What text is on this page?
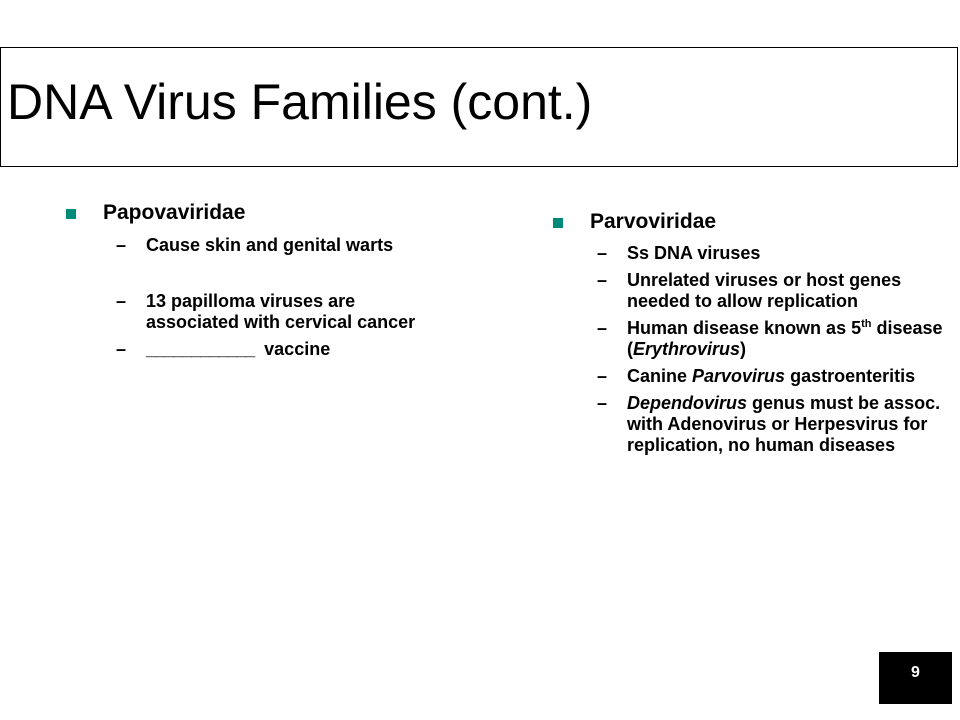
DNA Virus Families (cont.)
Papovaviridae
–	Cause skin and genital warts
–	13 papilloma viruses are associated with cervical cancer
–	____________ vaccine
Parvoviridae
–	Ss DNA viruses
–	Unrelated viruses or host genes needed to allow replication
–	Human disease known as 5th disease (Erythrovirus)
–	Canine Parvovirus gastroenteritis
–	Dependovirus genus must be assoc. with Adenovirus or Herpesvirus for replication, no human diseases
9
